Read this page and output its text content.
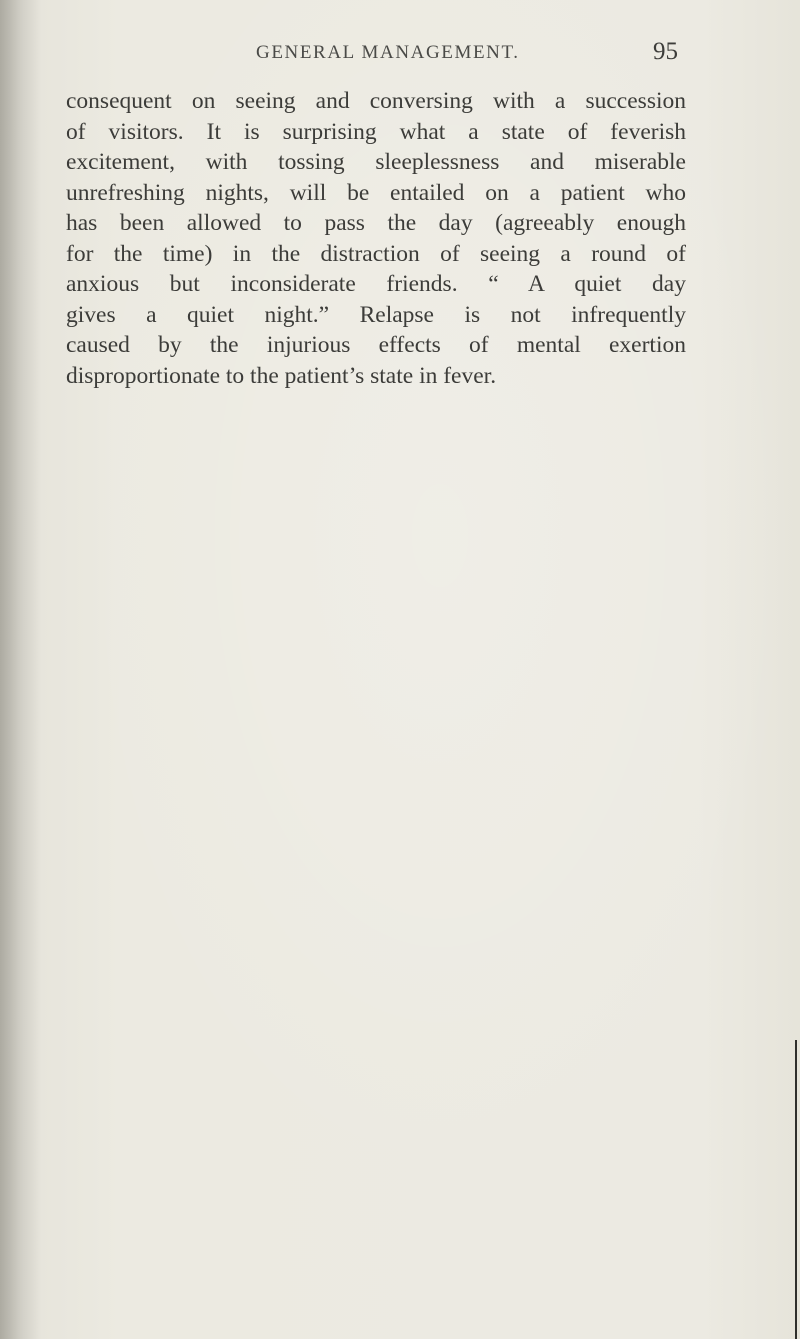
GENERAL MANAGEMENT.	95
consequent on seeing and conversing with a succession
of visitors. It is surprising what a state of feverish
excitement, with tossing sleeplessness and miserable
unrefreshing nights, will be entailed on a patient who
has been allowed to pass the day (agreeably enough
for the time) in the distraction of seeing a round of
anxious but inconsiderate friends. “ A quiet day
gives a quiet night.” Relapse is not infrequently
caused by the injurious effects of mental exertion
disproportionate to the patient’s state in fever.
